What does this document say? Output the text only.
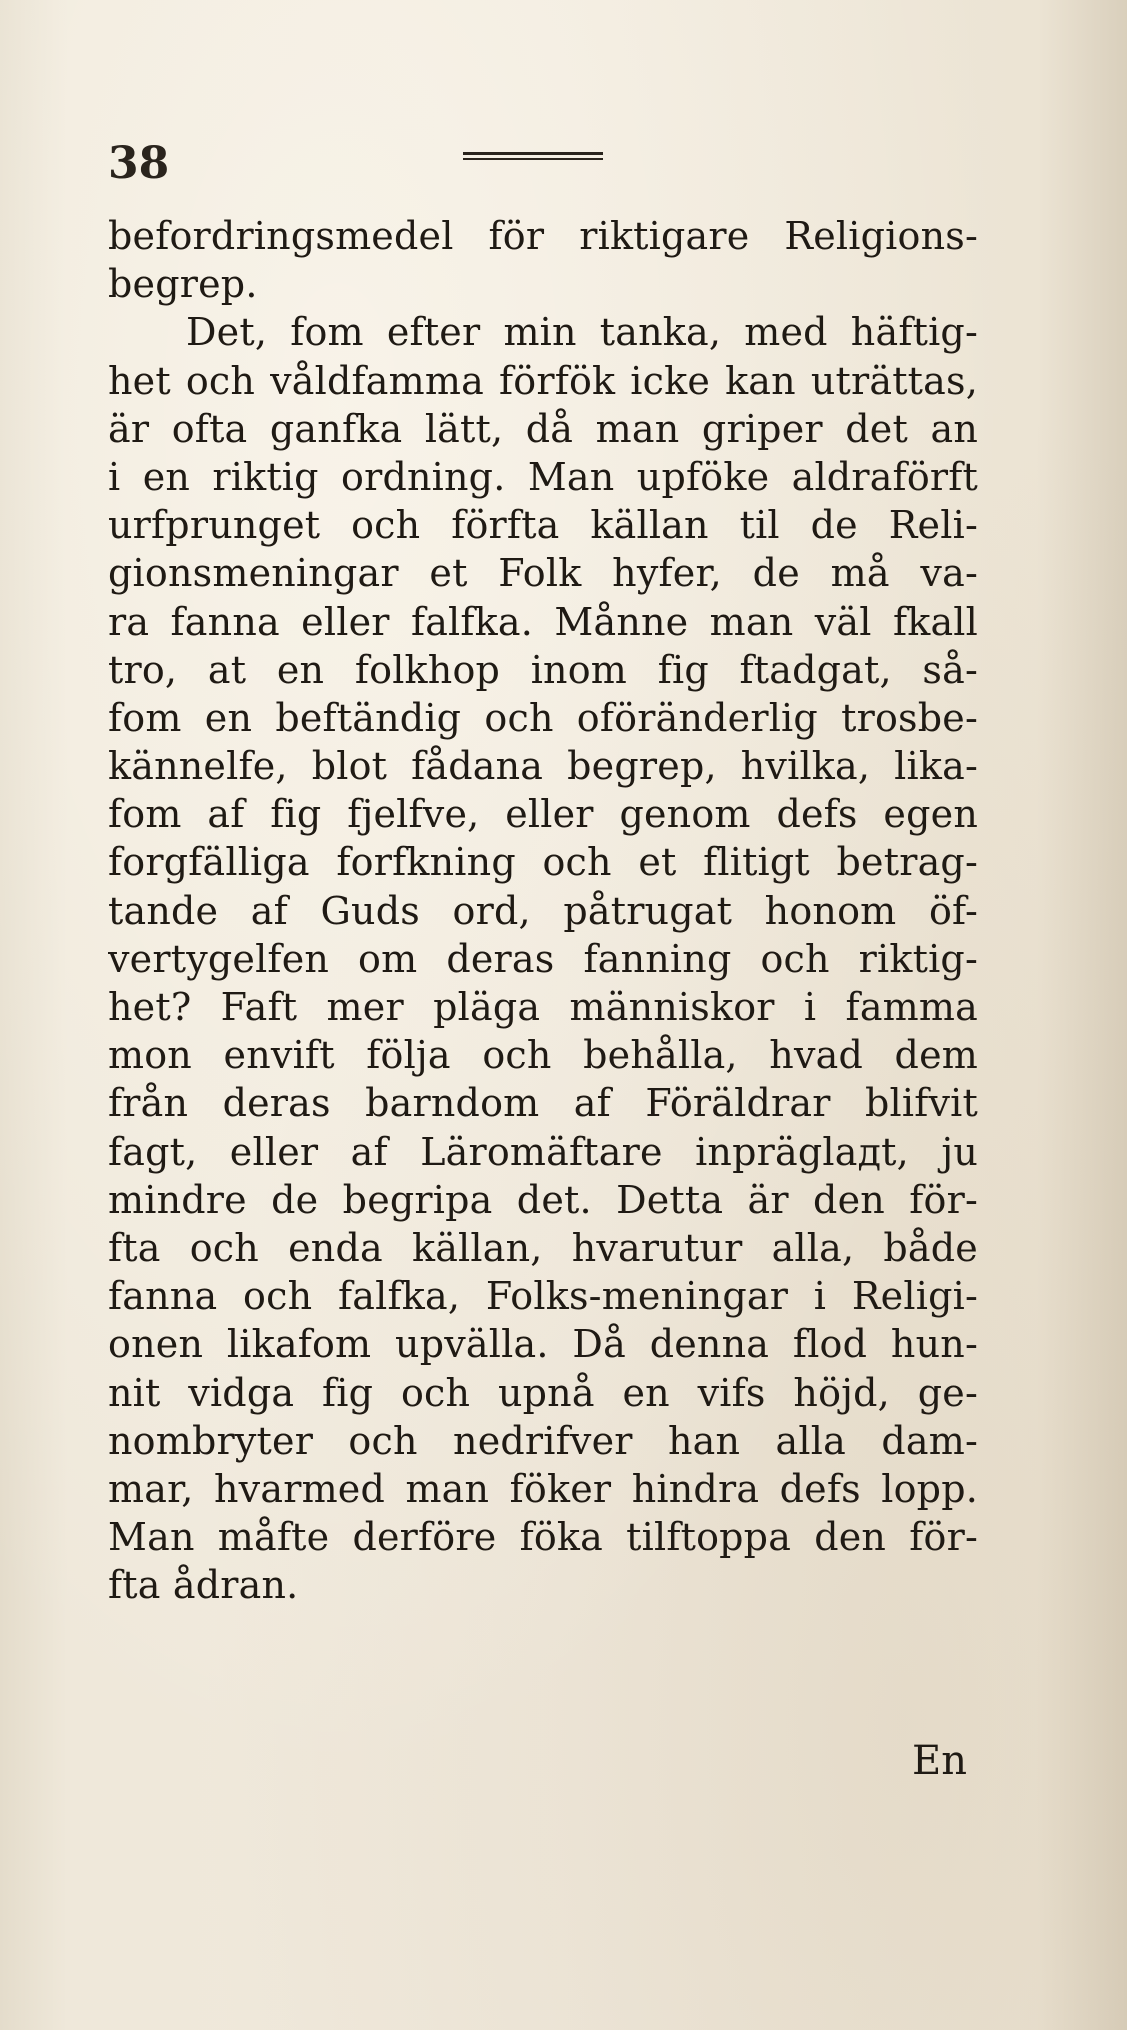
38
befordringsmedel för riktigare Religions-
begrep.
Det, fom efter min tanka, med häftig-
het och våldfamma förfök icke kan uträttas,
är ofta ganfka lätt, då man griper det an
i en riktig ordning. Man upföke aldraförft
urfprunget och förfta källan til de Reli-
gionsmeningar et Folk hyfer, de må va-
ra fanna eller falfka. Månne man väl fkall
tro, at en folkhop inom fig ftadgat, så-
fom en beftändig och oföränderlig trosbe-
kännelfe, blot fådana begrep, hvilka, lika-
fom af fig fjelfve, eller genom defs egen
forgfälliga forfkning och et flitigt betrag-
tande af Guds ord, påtrugat honom öf-
vertygelfen om deras fanning och riktig-
het? Faft mer pläga människor i famma
mon envift följa och behålla, hvad dem
från deras barndom af Föräldrar blifvit
fagt, eller af Läromäftare inpräglадt, ju
mindre de begripa det. Detta är den för-
fta och enda källan, hvarutur alla, både
fanna och falfka, Folks-meningar i Religi-
onen likafom upvälla. Då denna flod hun-
nit vidga fig och upnå en vifs höjd, ge-
nombryter och nedrifver han alla dam-
mar, hvarmed man föker hindra defs lopp.
Man måfte derföre föka tilftoppa den för-
fta ådran.
En
